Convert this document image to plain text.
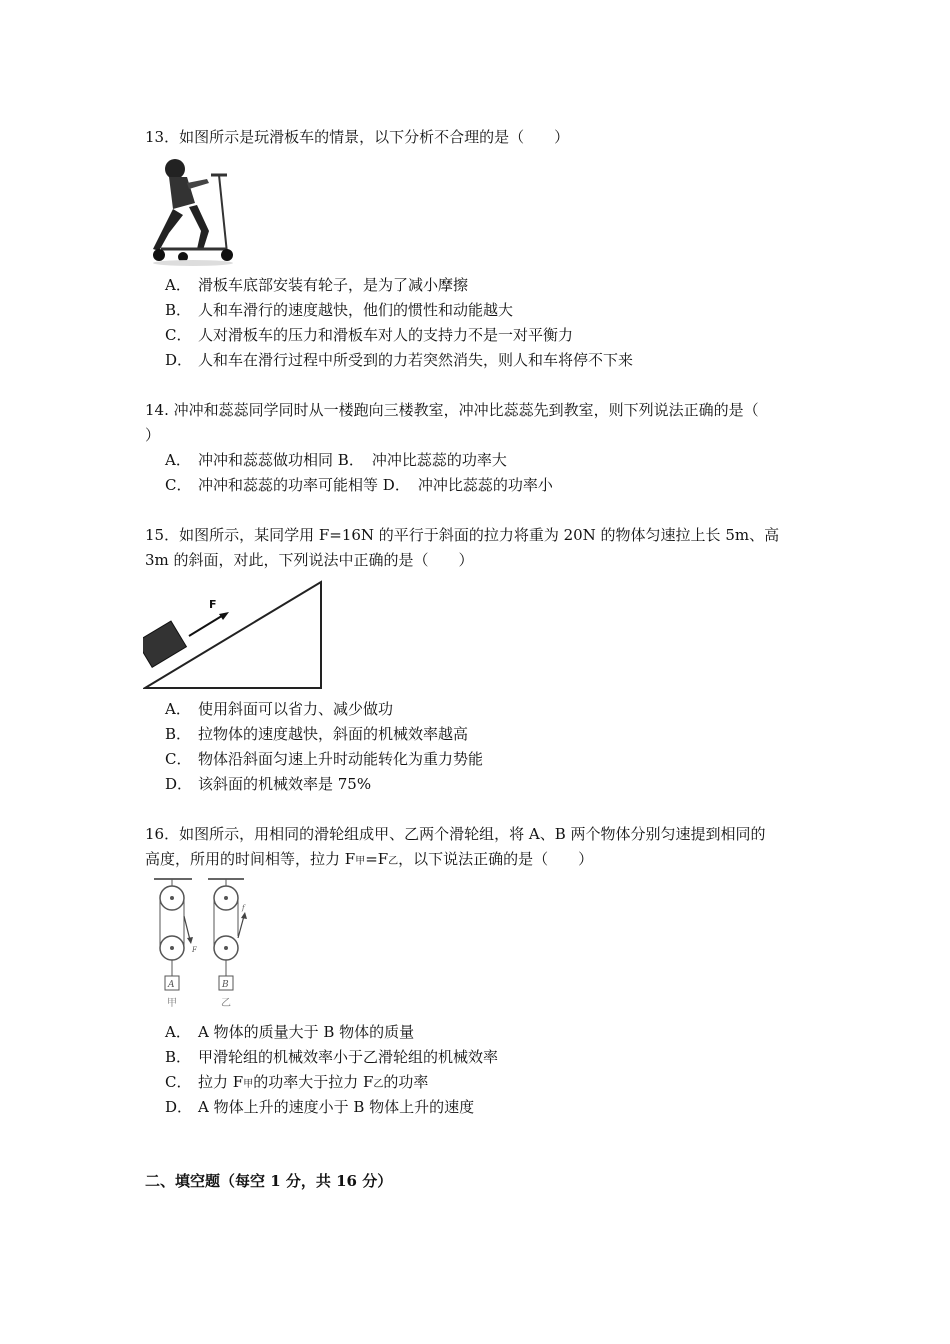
13．如图所示是玩滑板车的情景，以下分析不合理的是（　　）
A． 滑板车底部安装有轮子，是为了减小摩擦
B． 人和车滑行的速度越快，他们的惯性和动能越大
C． 人对滑板车的压力和滑板车对人的支持力不是一对平衡力
D． 人和车在滑行过程中所受到的力若突然消失，则人和车将停不下来
14. 冲冲和蕊蕊同学同时从一楼跑向三楼教室，冲冲比蕊蕊先到教室，则下列说法正确的是（
）
A． 冲冲和蕊蕊做功相同 B． 冲冲比蕊蕊的功率大
C． 冲冲和蕊蕊的功率可能相等 D． 冲冲比蕊蕊的功率小
15．如图所示，某同学用 F=16N 的平行于斜面的拉力将重为 20N 的物体匀速拉上长 5m、高
3m 的斜面，对此，下列说法中正确的是（　　）
F
A． 使用斜面可以省力、减少做功
B． 拉物体的速度越快，斜面的机械效率越高
C． 物体沿斜面匀速上升时动能转化为重力势能
D． 该斜面的机械效率是 75%
16．如图所示，用相同的滑轮组成甲、乙两个滑轮组，将 A、B 两个物体分别匀速提到相同的
高度，所用的时间相等，拉力 F甲=F乙，以下说法正确的是（　　）
A
甲
F
B
乙
f
A． A 物体的质量大于 B 物体的质量
B． 甲滑轮组的机械效率小于乙滑轮组的机械效率
C． 拉力 F甲的功率大于拉力 F乙的功率
D． A 物体上升的速度小于 B 物体上升的速度
二、填空题（每空 1 分，共 16 分）
